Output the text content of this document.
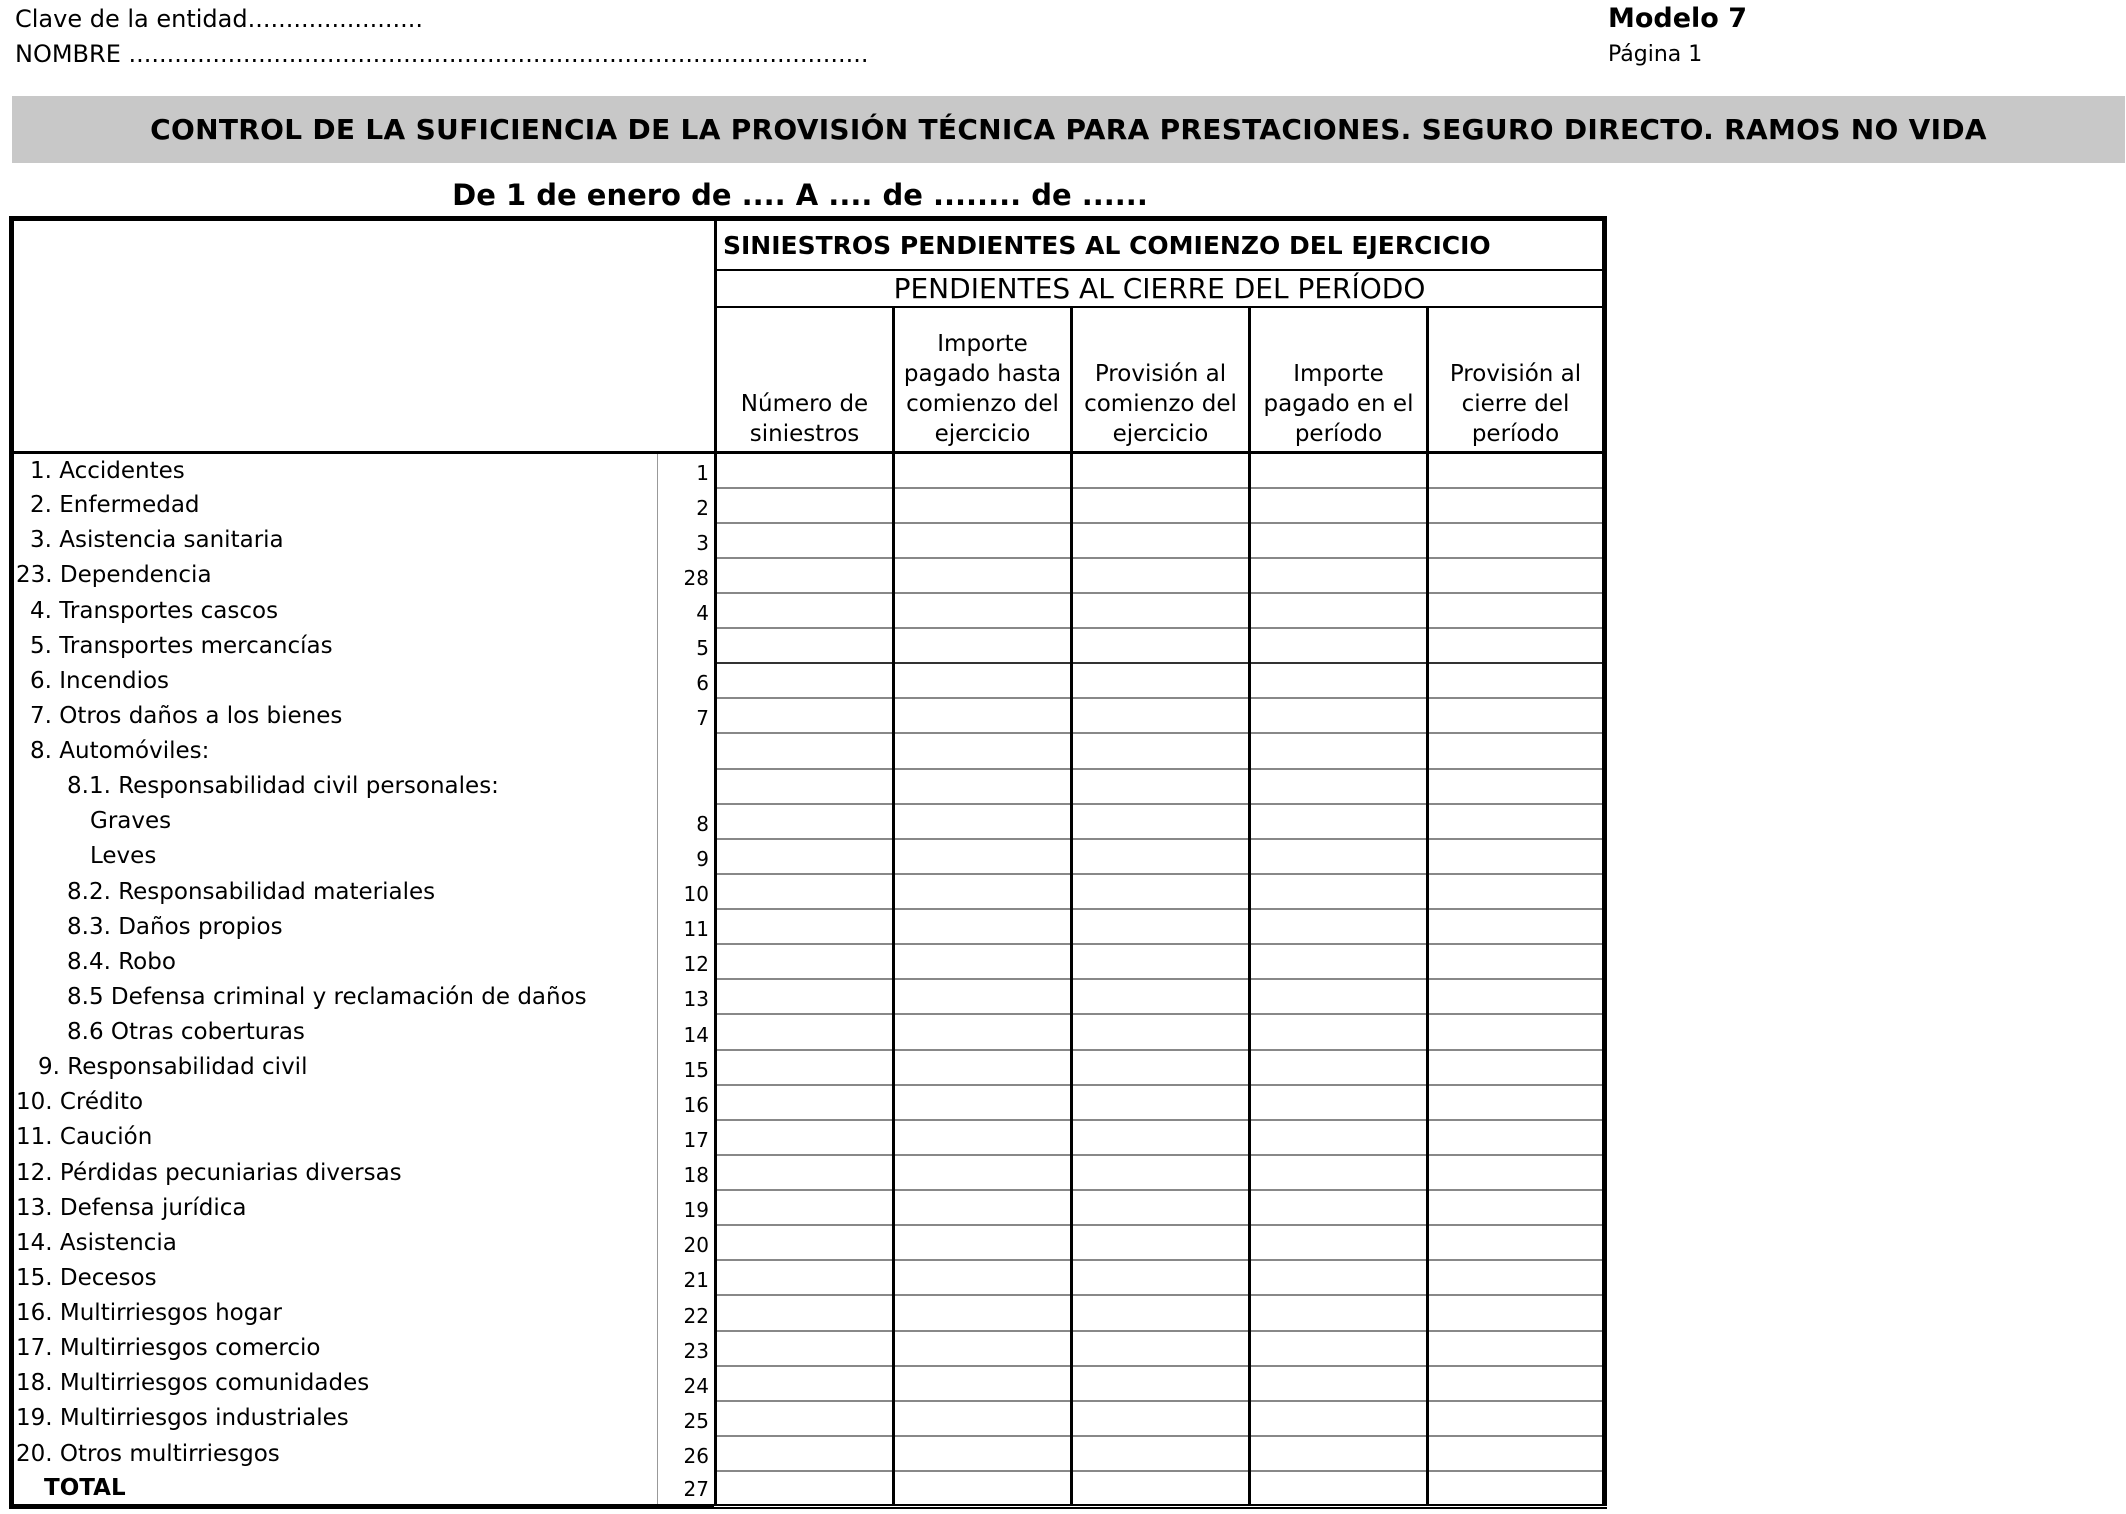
Clave de la entidad.......................
NOMBRE .................................................................................................
Modelo 7
Página 1
CONTROL DE LA SUFICIENCIA DE LA PROVISIÓN TÉCNICA PARA PRESTACIONES. SEGURO DIRECTO. RAMOS NO VIDA
De 1 de enero de .... A .... de ........ de ......
		SINIESTROS PENDIENTES AL COMIENZO DEL EJERCICIO				
		PENDIENTES AL CIERRE DEL PERÍODO				
		Número de siniestros	Importe pagado hasta comienzo del ejercicio	Provisión al comienzo del ejercicio	Importe pagado en el período	Provisión al cierre del período
1. Accidentes	1					
2. Enfermedad	2					
3. Asistencia sanitaria	3					
23. Dependencia	28					
4. Transportes cascos	4					
5. Transportes mercancías	5					
6. Incendios	6					
7. Otros daños a los bienes	7					
8. Automóviles:						
8.1. Responsabilidad civil personales:						
Graves	8					
Leves	9					
8.2. Responsabilidad materiales	10					
8.3. Daños propios	11					
8.4. Robo	12					
8.5 Defensa criminal y reclamación de daños	13					
8.6 Otras coberturas	14					
9. Responsabilidad civil	15					
10. Crédito	16					
11. Caución	17					
12. Pérdidas pecuniarias diversas	18					
13. Defensa jurídica	19					
14. Asistencia	20					
15. Decesos	21					
16. Multirriesgos hogar	22					
17. Multirriesgos comercio	23					
18. Multirriesgos comunidades	24					
19. Multirriesgos industriales	25					
20. Otros multirriesgos	26					
TOTAL	27					
